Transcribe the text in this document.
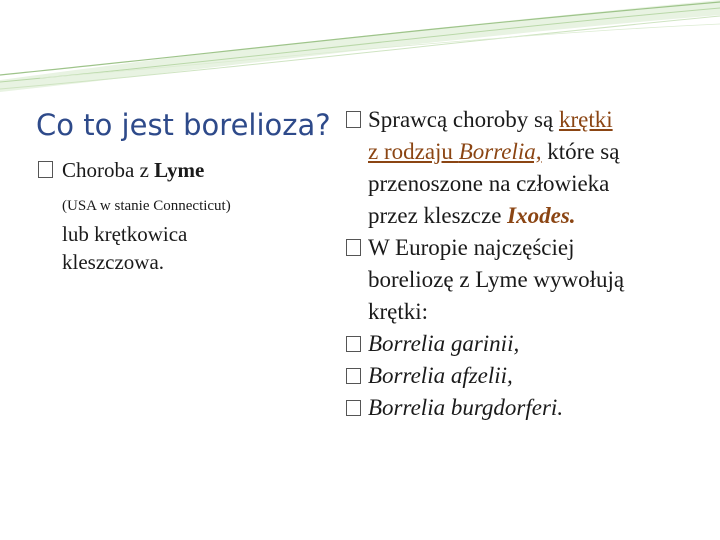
Co to jest borelioza?
Choroba z Lyme
(USA w stanie Connecticut)
lub krętkowica
kleszczowa.
Sprawcą choroby są krętki
z rodzaju Borrelia, które są
przenoszone na człowieka
przez kleszcze Ixodes.
W Europie najczęściej
boreliozę z Lyme wywołują
krętki:
Borrelia garinii,
Borrelia afzelii,
Borrelia burgdorferi.
